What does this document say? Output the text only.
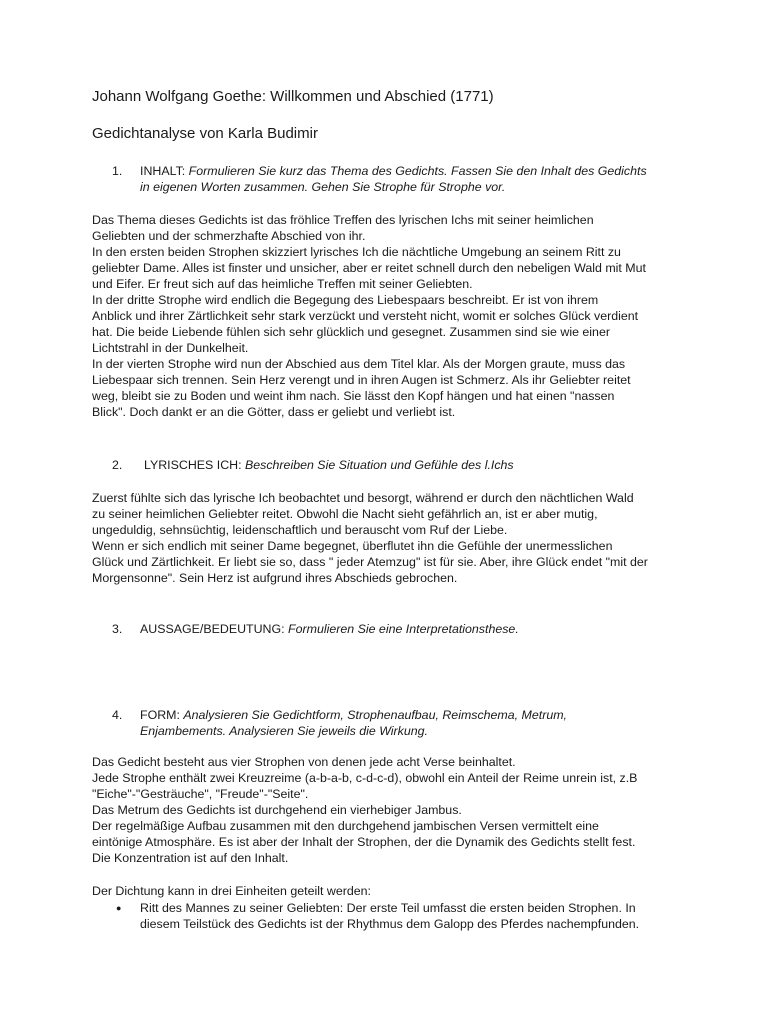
Johann Wolfgang Goethe: Willkommen und Abschied (1771)
Gedichtanalyse von Karla Budimir
1. INHALT: Formulieren Sie kurz das Thema des Gedichts. Fassen Sie den Inhalt des Gedichts
in eigenen Worten zusammen. Gehen Sie Strophe für Strophe vor.
Das Thema dieses Gedichts ist das fröhlice Treffen des lyrischen Ichs mit seiner heimlichen
Geliebten und der schmerzhafte Abschied von ihr.
In den ersten beiden Strophen skizziert lyrisches Ich die nächtliche Umgebung an seinem Ritt zu
geliebter Dame. Alles ist finster und unsicher, aber er reitet schnell durch den nebeligen Wald mit Mut
und Eifer. Er freut sich auf das heimliche Treffen mit seiner Geliebten.
In der dritte Strophe wird endlich die Begegung des Liebespaars beschreibt. Er ist von ihrem
Anblick und ihrer Zärtlichkeit sehr stark verzückt und versteht nicht, womit er solches Glück verdient
hat. Die beide Liebende fühlen sich sehr glücklich und gesegnet. Zusammen sind sie wie einer
Lichtstrahl in der Dunkelheit.
In der vierten Strophe wird nun der Abschied aus dem Titel klar. Als der Morgen graute, muss das
Liebespaar sich trennen. Sein Herz verengt und in ihren Augen ist Schmerz. Als ihr Geliebter reitet
weg, bleibt sie zu Boden und weint ihm nach. Sie lässt den Kopf hängen und hat einen "nassen
Blick". Doch dankt er an die Götter, dass er geliebt und verliebt ist.
2.	LYRISCHES ICH: Beschreiben Sie Situation und Gefühle des l.Ichs
Zuerst fühlte sich das lyrische Ich beobachtet und besorgt, während er durch den nächtlichen Wald
zu seiner heimlichen Geliebter reitet. Obwohl die Nacht sieht gefährlich an, ist er aber mutig,
ungeduldig, sehnsüchtig, leidenschaftlich und berauscht vom Ruf der Liebe.
Wenn er sich endlich mit seiner Dame begegnet, überflutet ihn die Gefühle der unermesslichen
Glück und Zärtlichkeit. Er liebt sie so, dass " jeder Atemzug" ist für sie. Aber, ihre Glück endet "mit der
Morgensonne". Sein Herz ist aufgrund ihres Abschieds gebrochen.
3. AUSSAGE/BEDEUTUNG: Formulieren Sie eine Interpretationsthese.
4. FORM: Analysieren Sie Gedichtform, Strophenaufbau, Reimschema, Metrum,
Enjambements. Analysieren Sie jeweils die Wirkung.
Das Gedicht besteht aus vier Strophen von denen jede acht Verse beinhaltet.
Jede Strophe enthält zwei Kreuzreime (a-b-a-b, c-d-c-d), obwohl ein Anteil der Reime unrein ist, z.B
"Eiche"-"Gesträuche", "Freude"-"Seite".
Das Metrum des Gedichts ist durchgehend ein vierhebiger Jambus.
Der regelmäßige Aufbau zusammen mit den durchgehend jambischen Versen vermittelt eine
eintönige Atmosphäre. Es ist aber der Inhalt der Strophen, der die Dynamik des Gedichts stellt fest.
Die Konzentration ist auf den Inhalt.
Der Dichtung kann in drei Einheiten geteilt werden:
● Ritt des Mannes zu seiner Geliebten: Der erste Teil umfasst die ersten beiden Strophen. In
diesem Teilstück des Gedichts ist der Rhythmus dem Galopp des Pferdes nachempfunden.
